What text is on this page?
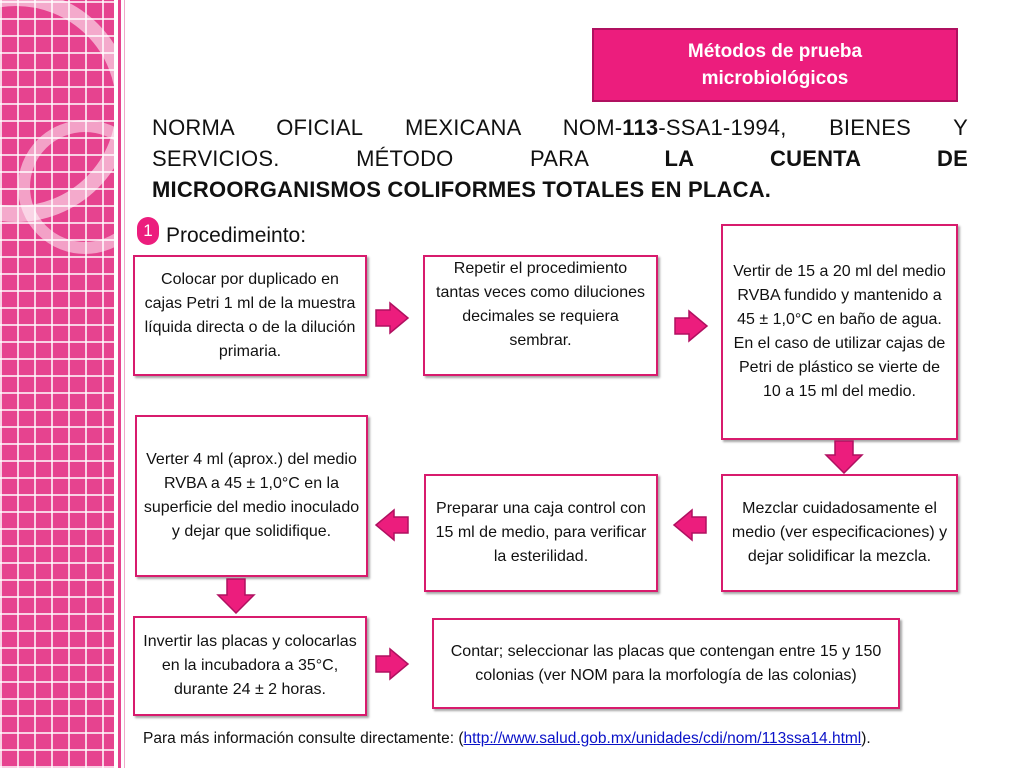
Métodos de prueba microbiológicos
NORMA OFICIAL MEXICANA NOM-113-SSA1-1994, BIENES Y
SERVICIOS. MÉTODO PARA LA CUENTA DE
MICROORGANISMOS COLIFORMES TOTALES EN PLACA.
1 Procedimeinto:
Colocar por duplicado en cajas Petri 1 ml de la muestra líquida directa o de la dilución primaria.
Repetir el procedimiento tantas veces como diluciones decimales se requiera sembrar.
Vertir de 15 a 20 ml del medio RVBA fundido y mantenido a 45 ± 1,0°C en baño de agua. En el caso de utilizar cajas de Petri de plástico se vierte de 10 a 15 ml del medio.
Mezclar cuidadosamente el medio (ver especificaciones) y dejar solidificar la mezcla.
Preparar una caja control con 15 ml de medio, para verificar la esterilidad.
Verter 4 ml (aprox.) del medio RVBA a 45 ± 1,0°C en la superficie del medio inoculado y dejar que solidifique.
Invertir las placas y colocarlas en la incubadora a 35°C, durante 24 ± 2 horas.
Contar; seleccionar las placas que contengan entre 15 y 150 colonias (ver NOM para la morfología de las colonias)
Para más información consulte directamente: (http://www.salud.gob.mx/unidades/cdi/nom/113ssa14.html).
